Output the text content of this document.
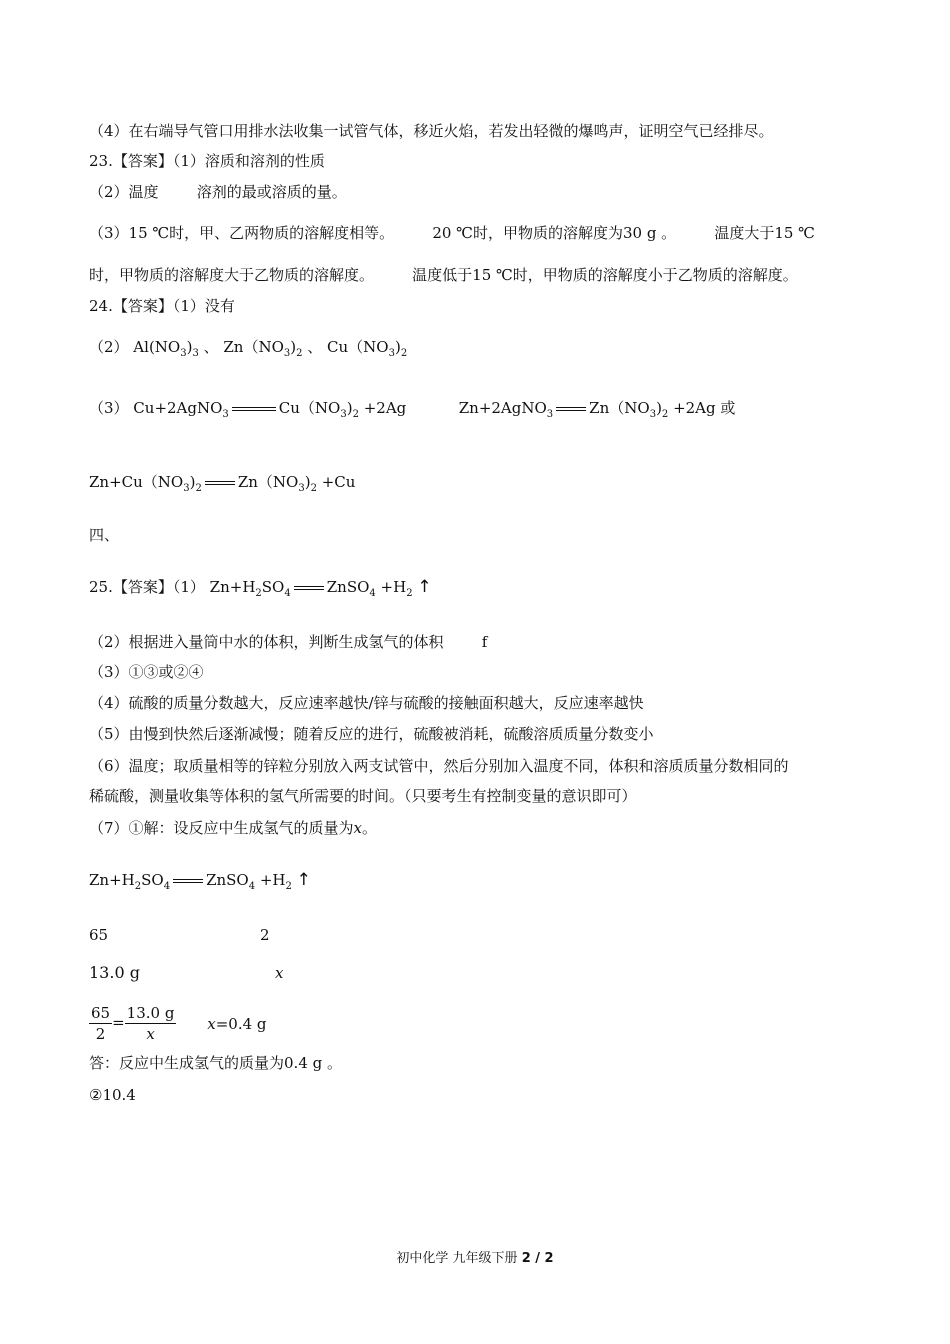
（4）在右端导气管口用排水法收集一试管气体，移近火焰，若发出轻微的爆鸣声，证明空气已经排尽。
23.【答案】（1）溶质和溶剂的性质
（2）温度        溶剂的最或溶质的量。
（3）15 ℃时，甲、乙两物质的溶解度相等。        20 ℃时，甲物质的溶解度为30 g 。        温度大于15 ℃
时，甲物质的溶解度大于乙物质的溶解度。        温度低于15 ℃时，甲物质的溶解度小于乙物质的溶解度。
24.【答案】（1）没有
（2） $Al(NO_3)_3$ 、 $Zn(NO_3)_2$ 、 $Cu(NO_3)_2$
（3） Cu+2AgNO$_3$	$Cu(NO_3)_2 +2Ag$           Zn+2AgNO$_3$ $Zn(NO_3)_2 +2Ag$ 或
$Zn+Cu(NO_3)_2$ $Zn(NO_3)_2 +Cu$
四、
25.【答案】（1） $Zn+H_2SO_4$ ZnSO$_4$ $+H_2$ ↑
（2）根据进入量筒中水的体积，判断生成氢气的体积        f
（3）①③或②④
（4）硫酸的质量分数越大，反应速率越快/锌与硫酸的接触面积越大，反应速率越快
（5）由慢到快然后逐渐减慢；随着反应的进行，硫酸被消耗，硫酸溶质质量分数变小
（6）温度；取质量相等的锌粒分别放入两支试管中，然后分别加入温度不同，体积和溶质质量分数相同的
稀硫酸，测量收集等体积的氢气所需要的时间。（只要考生有控制变量的意识即可）
（7）①解：设反应中生成氢气的质量为x。
$Zn+H_2SO_4$ ZnSO$_4$ $+H_2$ ↑
65	2
13.0 g	x
$\frac{65}{2} = \frac{13.0 g}{x} x=0.4$ g
答：反应中生成氢气的质量为0.4 g 。
②10.4
初中化学 九年级下册 2 / 2
